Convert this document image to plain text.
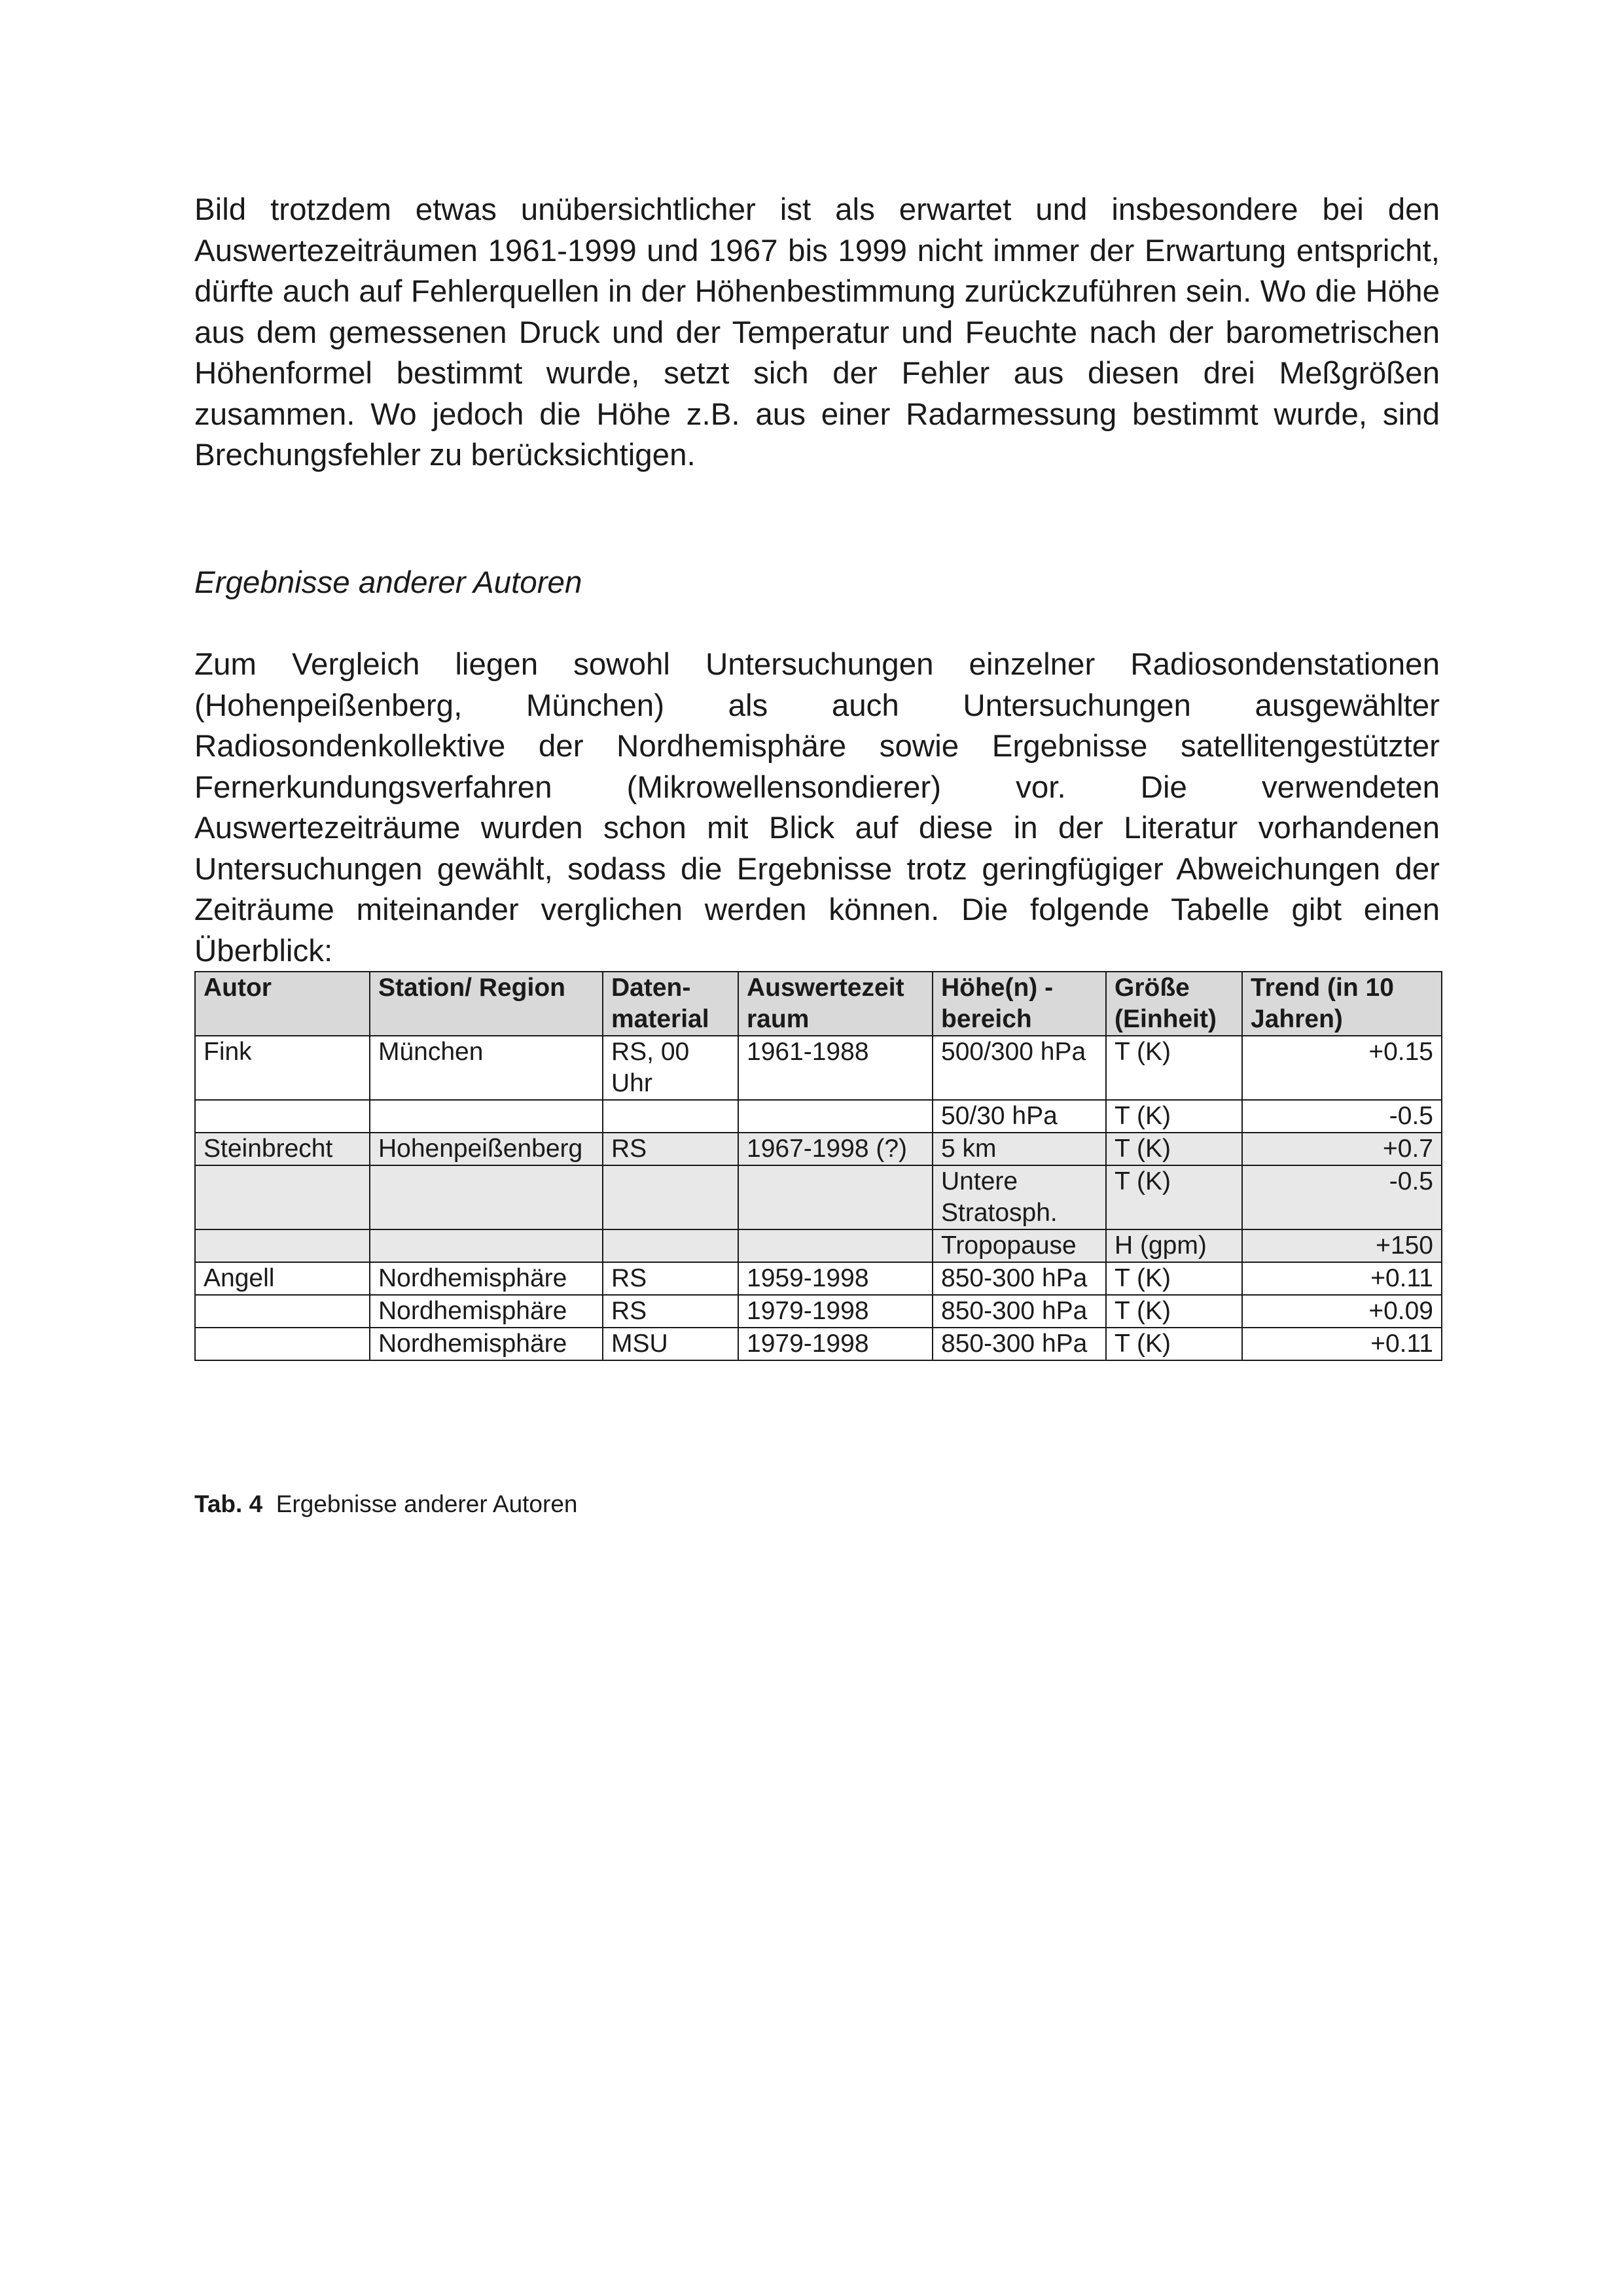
Bild trotzdem etwas unübersichtlicher ist als erwartet und insbesondere bei den Auswertezeiträumen 1961-1999 und 1967 bis 1999 nicht immer der Erwartung entspricht, dürfte auch auf Fehlerquellen in der Höhenbestimmung zurückzuführen sein. Wo die Höhe aus dem gemessenen Druck und der Temperatur und Feuchte nach der barometrischen Höhenformel bestimmt wurde, setzt sich der Fehler aus diesen drei Meßgrößen zusammen. Wo jedoch die Höhe z.B. aus einer Radarmessung bestimmt wurde, sind Brechungsfehler zu berücksichtigen.

Ergebnisse anderer Autoren

Zum Vergleich liegen sowohl Untersuchungen einzelner Radiosondenstationen (Hohenpeißenberg, München) als auch Untersuchungen ausgewählter Radiosondenkollektive der Nordhemisphäre sowie Ergebnisse satellitengestützter Fernerkundungsverfahren (Mikrowellensondierer) vor. Die verwendeten Auswertezeiträume wurden schon mit Blick auf diese in der Literatur vorhandenen Untersuchungen gewählt, sodass die Ergebnisse trotz geringfügiger Abweichungen der Zeiträume miteinander verglichen werden können. Die folgende Tabelle gibt einen Überblick:

Autor	Station/ Region	Daten-material	Auswertezeit raum	Höhe(n) - bereich	Größe (Einheit)	Trend (in 10 Jahren)
Fink	München	RS, 00 Uhr	1961-1988	500/300 hPa	T (K)	+0.15
				50/30 hPa	T (K)	-0.5
Steinbrecht	Hohenpeißenberg	RS	1967-1998 (?)	5 km	T (K)	+0.7
				Untere Stratosph.	T (K)	-0.5
				Tropopause	H (gpm)	+150
Angell	Nordhemisphäre	RS	1959-1998	850-300 hPa	T (K)	+0.11
	Nordhemisphäre	RS	1979-1998	850-300 hPa	T (K)	+0.09
	Nordhemisphäre	MSU	1979-1998	850-300 hPa	T (K)	+0.11
Tab. 4 Ergebnisse anderer Autoren
